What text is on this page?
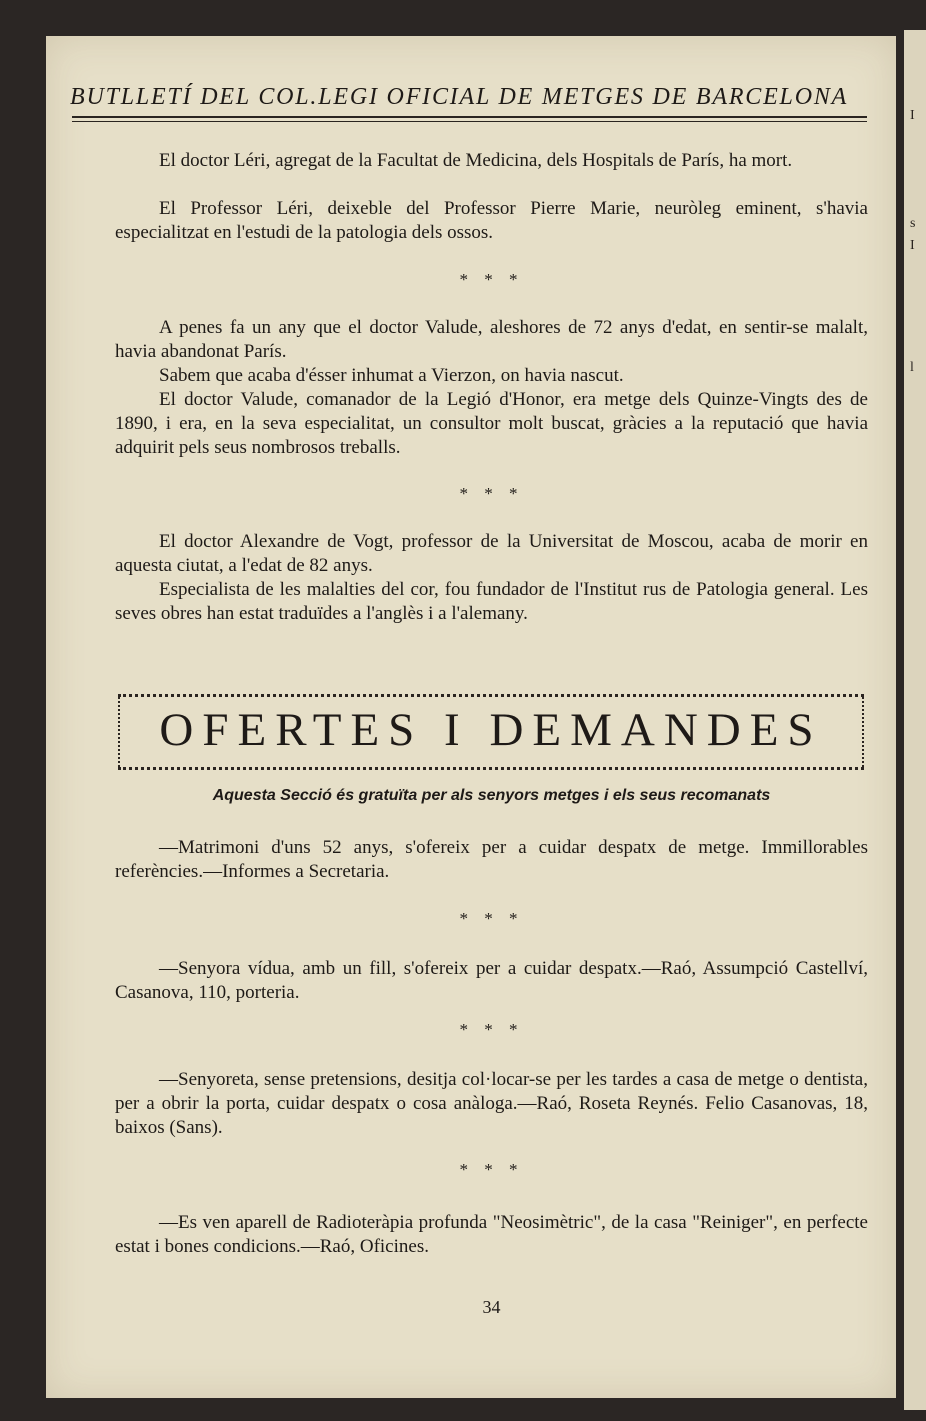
I
s
I
l
BUTLLETÍ DEL COL.LEGI OFICIAL DE METGES DE BARCELONA

El doctor Léri, agregat de la Facultat de Medicina, dels Hospitals de París, ha mort.

El Professor Léri, deixeble del Professor Pierre Marie, neuròleg eminent, s'havia especialitzat en l'estudi de la patologia dels ossos.

* * *

A penes fa un any que el doctor Valude, aleshores de 72 anys d'edat, en sentir-se malalt, havia abandonat París.

Sabem que acaba d'ésser inhumat a Vierzon, on havia nascut.

El doctor Valude, comanador de la Legió d'Honor, era metge dels Quinze-Vingts des de 1890, i era, en la seva especialitat, un consultor molt buscat, gràcies a la reputació que havia adquirit pels seus nombrosos treballs.

* * *

El doctor Alexandre de Vogt, professor de la Universitat de Moscou, acaba de morir en aquesta ciutat, a l'edat de 82 anys.

Especialista de les malalties del cor, fou fundador de l'Institut rus de Patologia general. Les seves obres han estat traduïdes a l'anglès i a l'alemany.

OFERTES I DEMANDES
Aquesta Secció és gratuïta per als senyors metges i els seus recomanats

—Matrimoni d'uns 52 anys, s'ofereix per a cuidar despatx de metge. Immillorables referències.—Informes a Secretaria.

* * *

—Senyora vídua, amb un fill, s'ofereix per a cuidar despatx.—Raó, Assumpció Castellví, Casanova, 110, porteria.

* * *

—Senyoreta, sense pretensions, desitja col·locar-se per les tardes a casa de metge o dentista, per a obrir la porta, cuidar despatx o cosa anàloga.—Raó, Roseta Reynés. Felio Casanovas, 18, baixos (Sans).

* * *

—Es ven aparell de Radioteràpia profunda "Neosimètric", de la casa "Reiniger", en perfecte estat i bones condicions.—Raó, Oficines.

34
